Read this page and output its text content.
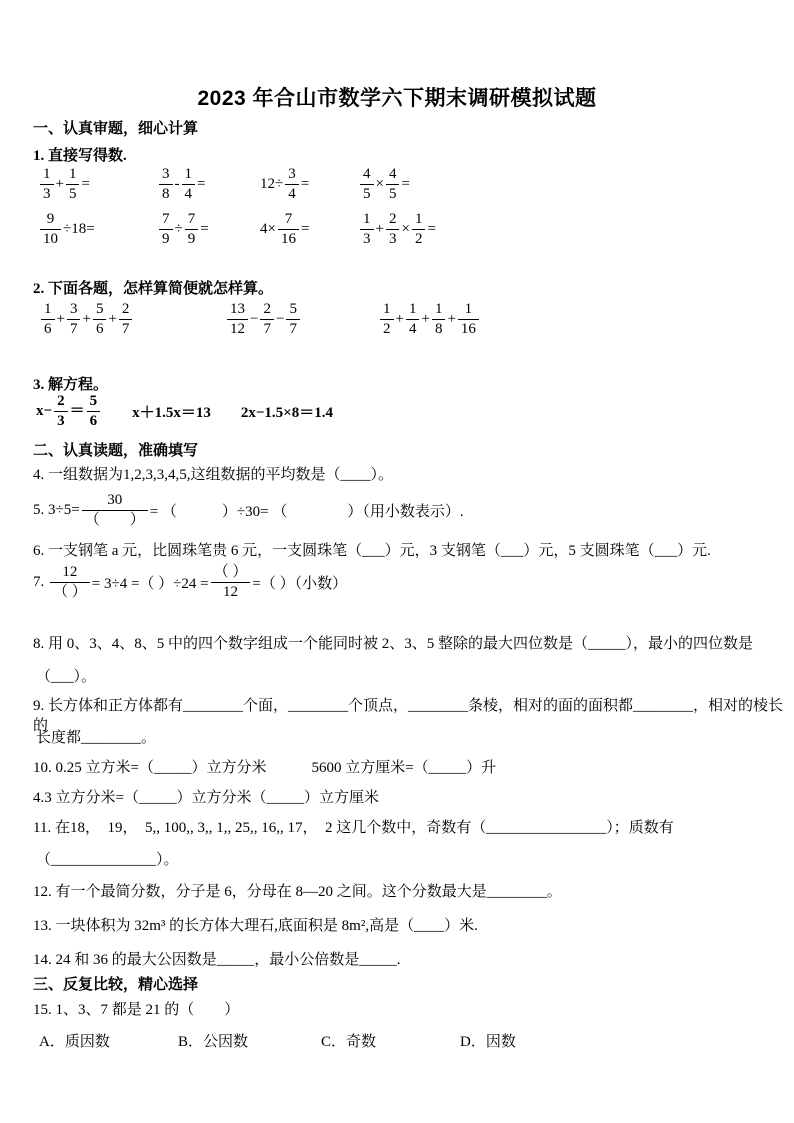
2023 年合山市数学六下期末调研模拟试题
一、认真审题，细心计算
1. 直接写得数.
$\frac{1}{3} + \frac{1}{5}$ =	$\frac{3}{8} - \frac{1}{4}$ =	$12\div \frac{3}{4}$ =	$\frac{4}{5} \times \frac{4}{5}$ =
$\frac{9}{10} \div 18=$	$\frac{7}{9} \div \frac{7}{9}$ =	$4\times \frac{7}{16}$ =	$\frac{1}{3} + \frac{2}{3} \times \frac{1}{2}$ =
2. 下面各题，怎样算简便就怎样算。
$\frac{1}{6} + \frac{3}{7} + \frac{5}{6} + \frac{2}{7}$	$\frac{13}{12} - \frac{2}{7} - \frac{5}{7}$	$\frac{1}{2} + \frac{1}{4} + \frac{1}{8} + \frac{1}{16}$
3. 解方程。
$x- \frac{2}{3} = \frac{5}{6} x+1.5x=13$ 2x−1.5×8＝1.4
二、认真读题，准确填写
4. 一组数据为1,2,3,3,4,5,这组数据的平均数是（____）。
5. $3\div 5= \frac{30}{( )}$ = （　　　）÷30= （　　　　）（用小数表示）.
6. 一支钢笔 a 元，比圆珠笔贵 6 元，一支圆珠笔（___）元，3 支钢笔（___）元，5 支圆珠笔（___）元.
7. $\frac{12}{( )} = 3\div 4$ =（ ）$\div 24 = \frac{( )}{12}$ =（ ）（小数）
8. 用 0、3、4、8、5 中的四个数字组成一个能同时被 2、3、5 整除的最大四位数是（_____），最小的四位数是
（___）。
9. 长方体和正方体都有________个面，________个顶点，________条棱，相对的面的面积都________，相对的棱长的
长度都________。
10. 0.25 立方米=（_____）立方分米　　　5600 立方厘米=（_____）升
4.3 立方分米=（_____）立方分米（_____）立方厘米
11. 在18，  19，  5,, 100,, 3,, 1,, 25,, 16,, 17，  2 这几个数中，奇数有（________________）；质数有
（______________）。
12. 有一个最简分数，分子是 6，分母在 8—20 之间。这个分数最大是________。
13. 一块体积为 32m³ 的长方体大理石,底面积是 8m²,高是（____）米.
14. 24 和 36 的最大公因数是_____，最小公倍数是_____.
三、反复比较，精心选择
15. 1、3、7 都是 21 的（　　）
A．质因数	B．公因数	C．奇数	D．因数
